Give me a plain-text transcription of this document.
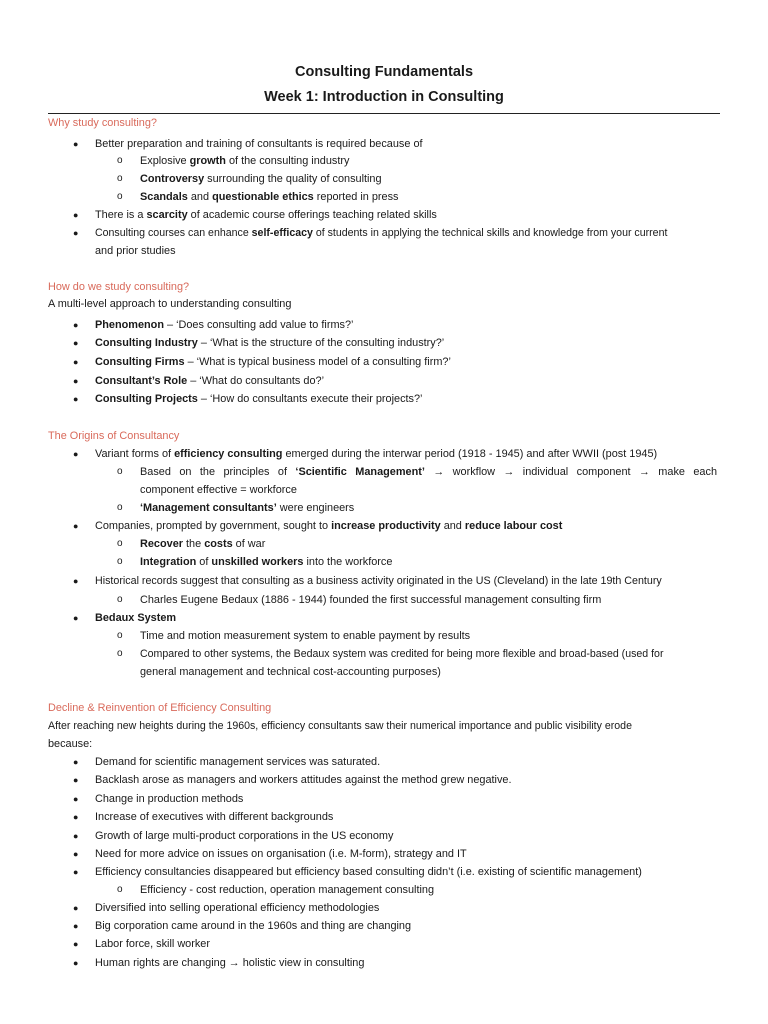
Consulting Fundamentals
Week 1: Introduction in Consulting
Why study consulting?
● Better preparation and training of consultants is required because of
o Explosive growth of the consulting industry
o Controversy surrounding the quality of consulting
o Scandals and questionable ethics reported in press
● There is a scarcity of academic course offerings teaching related skills
● Consulting courses can enhance self-efficacy of students in applying the technical skills and knowledge from your current
and prior studies
How do we study consulting?
A multi-level approach to understanding consulting
● Phenomenon – ‘Does consulting add value to firms?’
● Consulting Industry – ‘What is the structure of the consulting industry?’
● Consulting Firms – ‘What is typical business model of a consulting firm?’
● Consultant’s Role – ‘What do consultants do?’
● Consulting Projects – ‘How do consultants execute their projects?’
The Origins of Consultancy
● Variant forms of efficiency consulting emerged during the interwar period (1918 - 1945) and after WWII (post 1945)
o Based on the principles of ‘Scientific Management’ → workflow → individual component → make each
component effective = workforce
o ‘Management consultants’ were engineers
● Companies, prompted by government, sought to increase productivity and reduce labour cost
o Recover the costs of war
o Integration of unskilled workers into the workforce
● Historical records suggest that consulting as a business activity originated in the US (Cleveland) in the late 19th Century
o Charles Eugene Bedaux (1886 - 1944) founded the first successful management consulting firm
● Bedaux System
o Time and motion measurement system to enable payment by results
o Compared to other systems, the Bedaux system was credited for being more flexible and broad-based (used for
general management and technical cost-accounting purposes)
Decline & Reinvention of Efficiency Consulting
After reaching new heights during the 1960s, efficiency consultants saw their numerical importance and public visibility erode
because:
● Demand for scientific management services was saturated.
● Backlash arose as managers and workers attitudes against the method grew negative.
● Change in production methods
● Increase of executives with different backgrounds
● Growth of large multi-product corporations in the US economy
● Need for more advice on issues on organisation (i.e. M-form), strategy and IT
● Efficiency consultancies disappeared but efficiency based consulting didn’t (i.e. existing of scientific management)
o Efficiency - cost reduction, operation management consulting
● Diversified into selling operational efficiency methodologies
● Big corporation came around in the 1960s and thing are changing
● Labor force, skill worker
● Human rights are changing → holistic view in consulting
